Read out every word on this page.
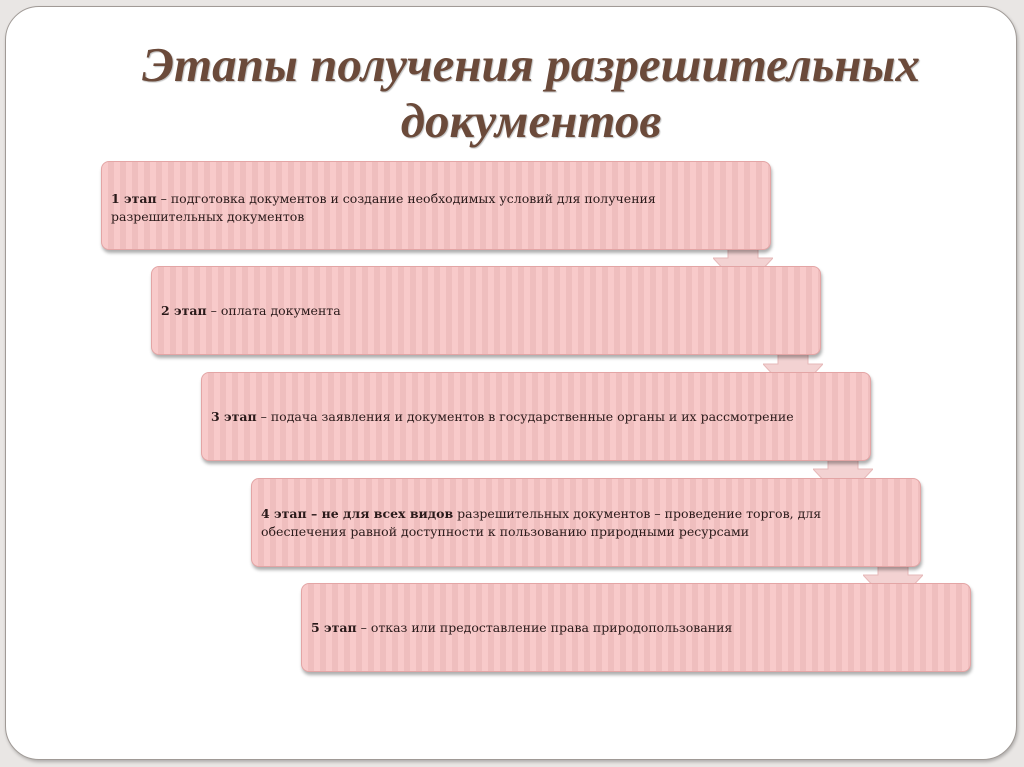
Этапы получения разрешительных
документов
1 этап – подготовка документов и создание необходимых условий для получения разрешительных документов
2 этап – оплата документа
3 этап – подача заявления и документов в государственные органы и их рассмотрение
4 этап – не для всех видов разрешительных документов – проведение торгов, для обеспечения равной доступности к пользованию природными ресурсами
5 этап – отказ или предоставление права природопользования
